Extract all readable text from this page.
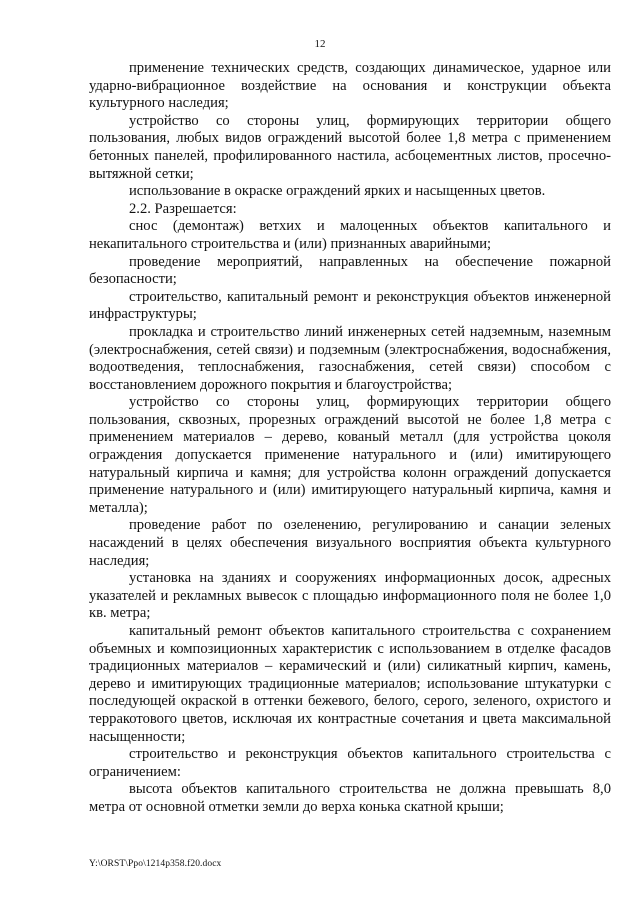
12

применение технических средств, создающих динамическое, ударное или ударно-вибрационное воздействие на основания и конструкции объекта культурного наследия;

устройство со стороны улиц, формирующих территории общего пользования, любых видов ограждений высотой более 1,8 метра с применением бетонных панелей, профилированного настила, асбоцементных листов, просечно-вытяжной сетки;

использование в окраске ограждений ярких и насыщенных цветов.

2.2. Разрешается:

снос (демонтаж) ветхих и малоценных объектов капитального и некапитального строительства и (или) признанных аварийными;

проведение мероприятий, направленных на обеспечение пожарной безопасности;

строительство, капитальный ремонт и реконструкция объектов инженерной инфраструктуры;

прокладка и строительство линий инженерных сетей надземным, наземным (электроснабжения, сетей связи) и подземным (электроснабжения, водоснабжения, водоотведения, теплоснабжения, газоснабжения, сетей связи) способом с восстановлением дорожного покрытия и благоустройства;

устройство со стороны улиц, формирующих территории общего пользования, сквозных, прорезных ограждений высотой не более 1,8 метра с применением материалов – дерево, кованый металл (для устройства цоколя ограждения допускается применение натурального и (или) имитирующего натуральный кирпича и камня; для устройства колонн ограждений допускается применение натурального и (или) имитирующего натуральный кирпича, камня и металла);

проведение работ по озеленению, регулированию и санации зеленых насаждений в целях обеспечения визуального восприятия объекта культурного наследия;

установка на зданиях и сооружениях информационных досок, адресных указателей и рекламных вывесок с площадью информационного поля не более 1,0 кв. метра;

капитальный ремонт объектов капитального строительства с сохранением объемных и композиционных характеристик с использованием в отделке фасадов традиционных материалов – керамический и (или) силикатный кирпич, камень, дерево и имитирующих традиционные материалов; использование штукатурки с последующей окраской в оттенки бежевого, белого, серого, зеленого, охристого и терракотового цветов, исключая их контрастные сочетания и цвета максимальной насыщенности;

строительство и реконструкция объектов капитального строительства с ограничением:

высота объектов капитального строительства не должна превышать 8,0 метра от основной отметки земли до верха конька скатной крыши;

Y:\ORST\Ppo\1214p358.f20.docx
